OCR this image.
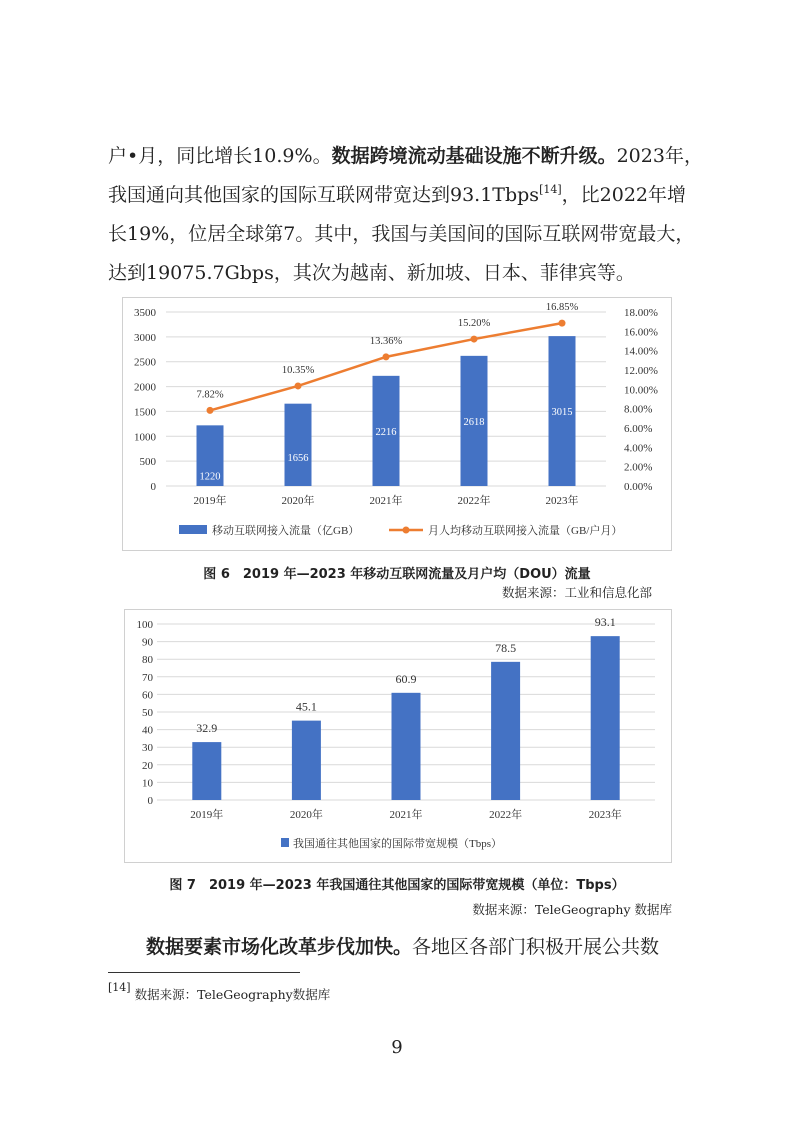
户•月，同比增长10.9%。数据跨境流动基础设施不断升级。2023年，
我国通向其他国家的国际互联网带宽达到93.1Tbps[14]，比2022年增
长19%，位居全球第7。其中，我国与美国间的国际互联网带宽最大，
达到19075.7Gbps，其次为越南、新加坡、日本、菲律宾等。
0
500
1000
1500
2000
2500
3000
3500
0.00%
2.00%
4.00%
6.00%
8.00%
10.00%
12.00%
14.00%
16.00%
18.00%
1220
2019年
1656
2020年
2216
2021年
2618
2022年
3015
2023年
7.82%
10.35%
13.36%
15.20%
16.85%
移动互联网接入流量（亿GB）	月人均移动互联网接入流量（GB/户月）
图 6　2019 年—2023 年移动互联网流量及月户均（DOU）流量
数据来源：工业和信息化部
0
10
20
30
40
50
60
70
80
90
100
32.9
2019年
45.1
2020年
60.9
2021年
78.5
2022年
93.1
2023年
我国通往其他国家的国际带宽规模（Tbps）
图 7　2019 年—2023 年我国通往其他国家的国际带宽规模（单位：Tbps）
数据来源：TeleGeography 数据库
数据要素市场化改革步伐加快。各地区各部门积极开展公共数
[14] 数据来源：TeleGeography数据库
9
